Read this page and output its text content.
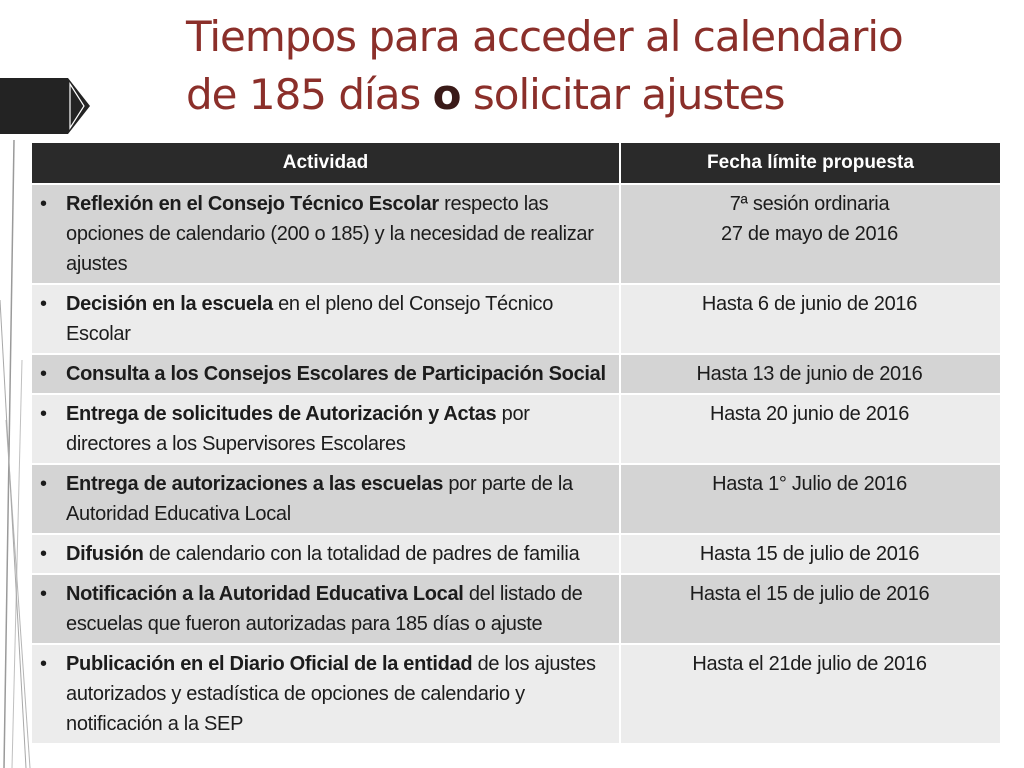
Tiempos para acceder al calendario
de 185 días o solicitar ajustes
Actividad	Fecha límite propuesta

• Reflexión en el Consejo Técnico Escolar respecto las opciones de calendario (200 o 185) y la necesidad de realizar ajustes	7ª sesión ordinaria
27 de mayo de 2016

• Decisión en la escuela en el pleno del Consejo Técnico Escolar	Hasta 6 de junio de 2016

• Consulta a los Consejos Escolares de Participación Social	Hasta 13 de junio de 2016

• Entrega de solicitudes de Autorización y Actas por directores a los Supervisores Escolares	Hasta 20 junio de 2016

• Entrega de autorizaciones a las escuelas por parte de la Autoridad Educativa Local	Hasta 1° Julio de 2016

• Difusión de calendario con la totalidad de padres de familia	Hasta 15 de julio de 2016

• Notificación a la Autoridad Educativa Local del listado de escuelas que fueron autorizadas para 185 días o ajuste	Hasta el 15 de julio de 2016

• Publicación en el Diario Oficial de la entidad de los ajustes autorizados y estadística de opciones de calendario y notificación a la SEP	Hasta el 21de julio de 2016
